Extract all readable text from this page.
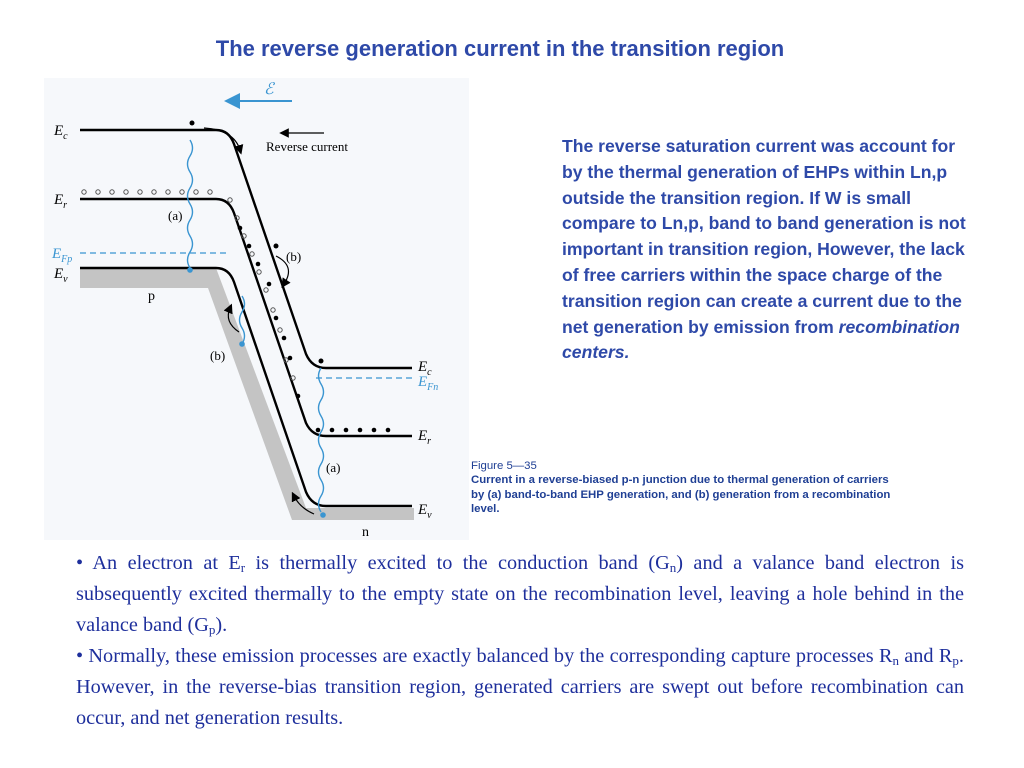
The reverse generation current in the transition region
ℰ
Reverse current
$E_c$
$E_r$
$E_{Fp}$
$E_v$
p
(a)
(b)
(b)
$E_c$
$E_{Fn}$
$E_r$
(a)
$E_v$
n
The reverse saturation current was account for by the thermal generation of EHPs within Ln,p outside the transition region. If W is small compare to Ln,p, band to band generation is not important in transition region, However, the lack of free carriers within the space charge of the transition region can create a current due to the net generation by emission from recombination centers.
Figure 5—35
Current in a reverse-biased p-n junction due to thermal generation of carriers
by (a) band-to-band EHP generation, and (b) generation from a recombination
level.

• An electron at $E_r$ is thermally excited to the conduction band $(G_n)$ and a valance band electron is subsequently excited thermally to the empty state on the recombination level, leaving a hole behind in the valance band $(G_p)$.

• Normally, these emission processes are exactly balanced by the corresponding capture processes $R_n$ and $R_p$. However, in the reverse-bias transition region, generated carriers are swept out before recombination can occur, and net generation results.
